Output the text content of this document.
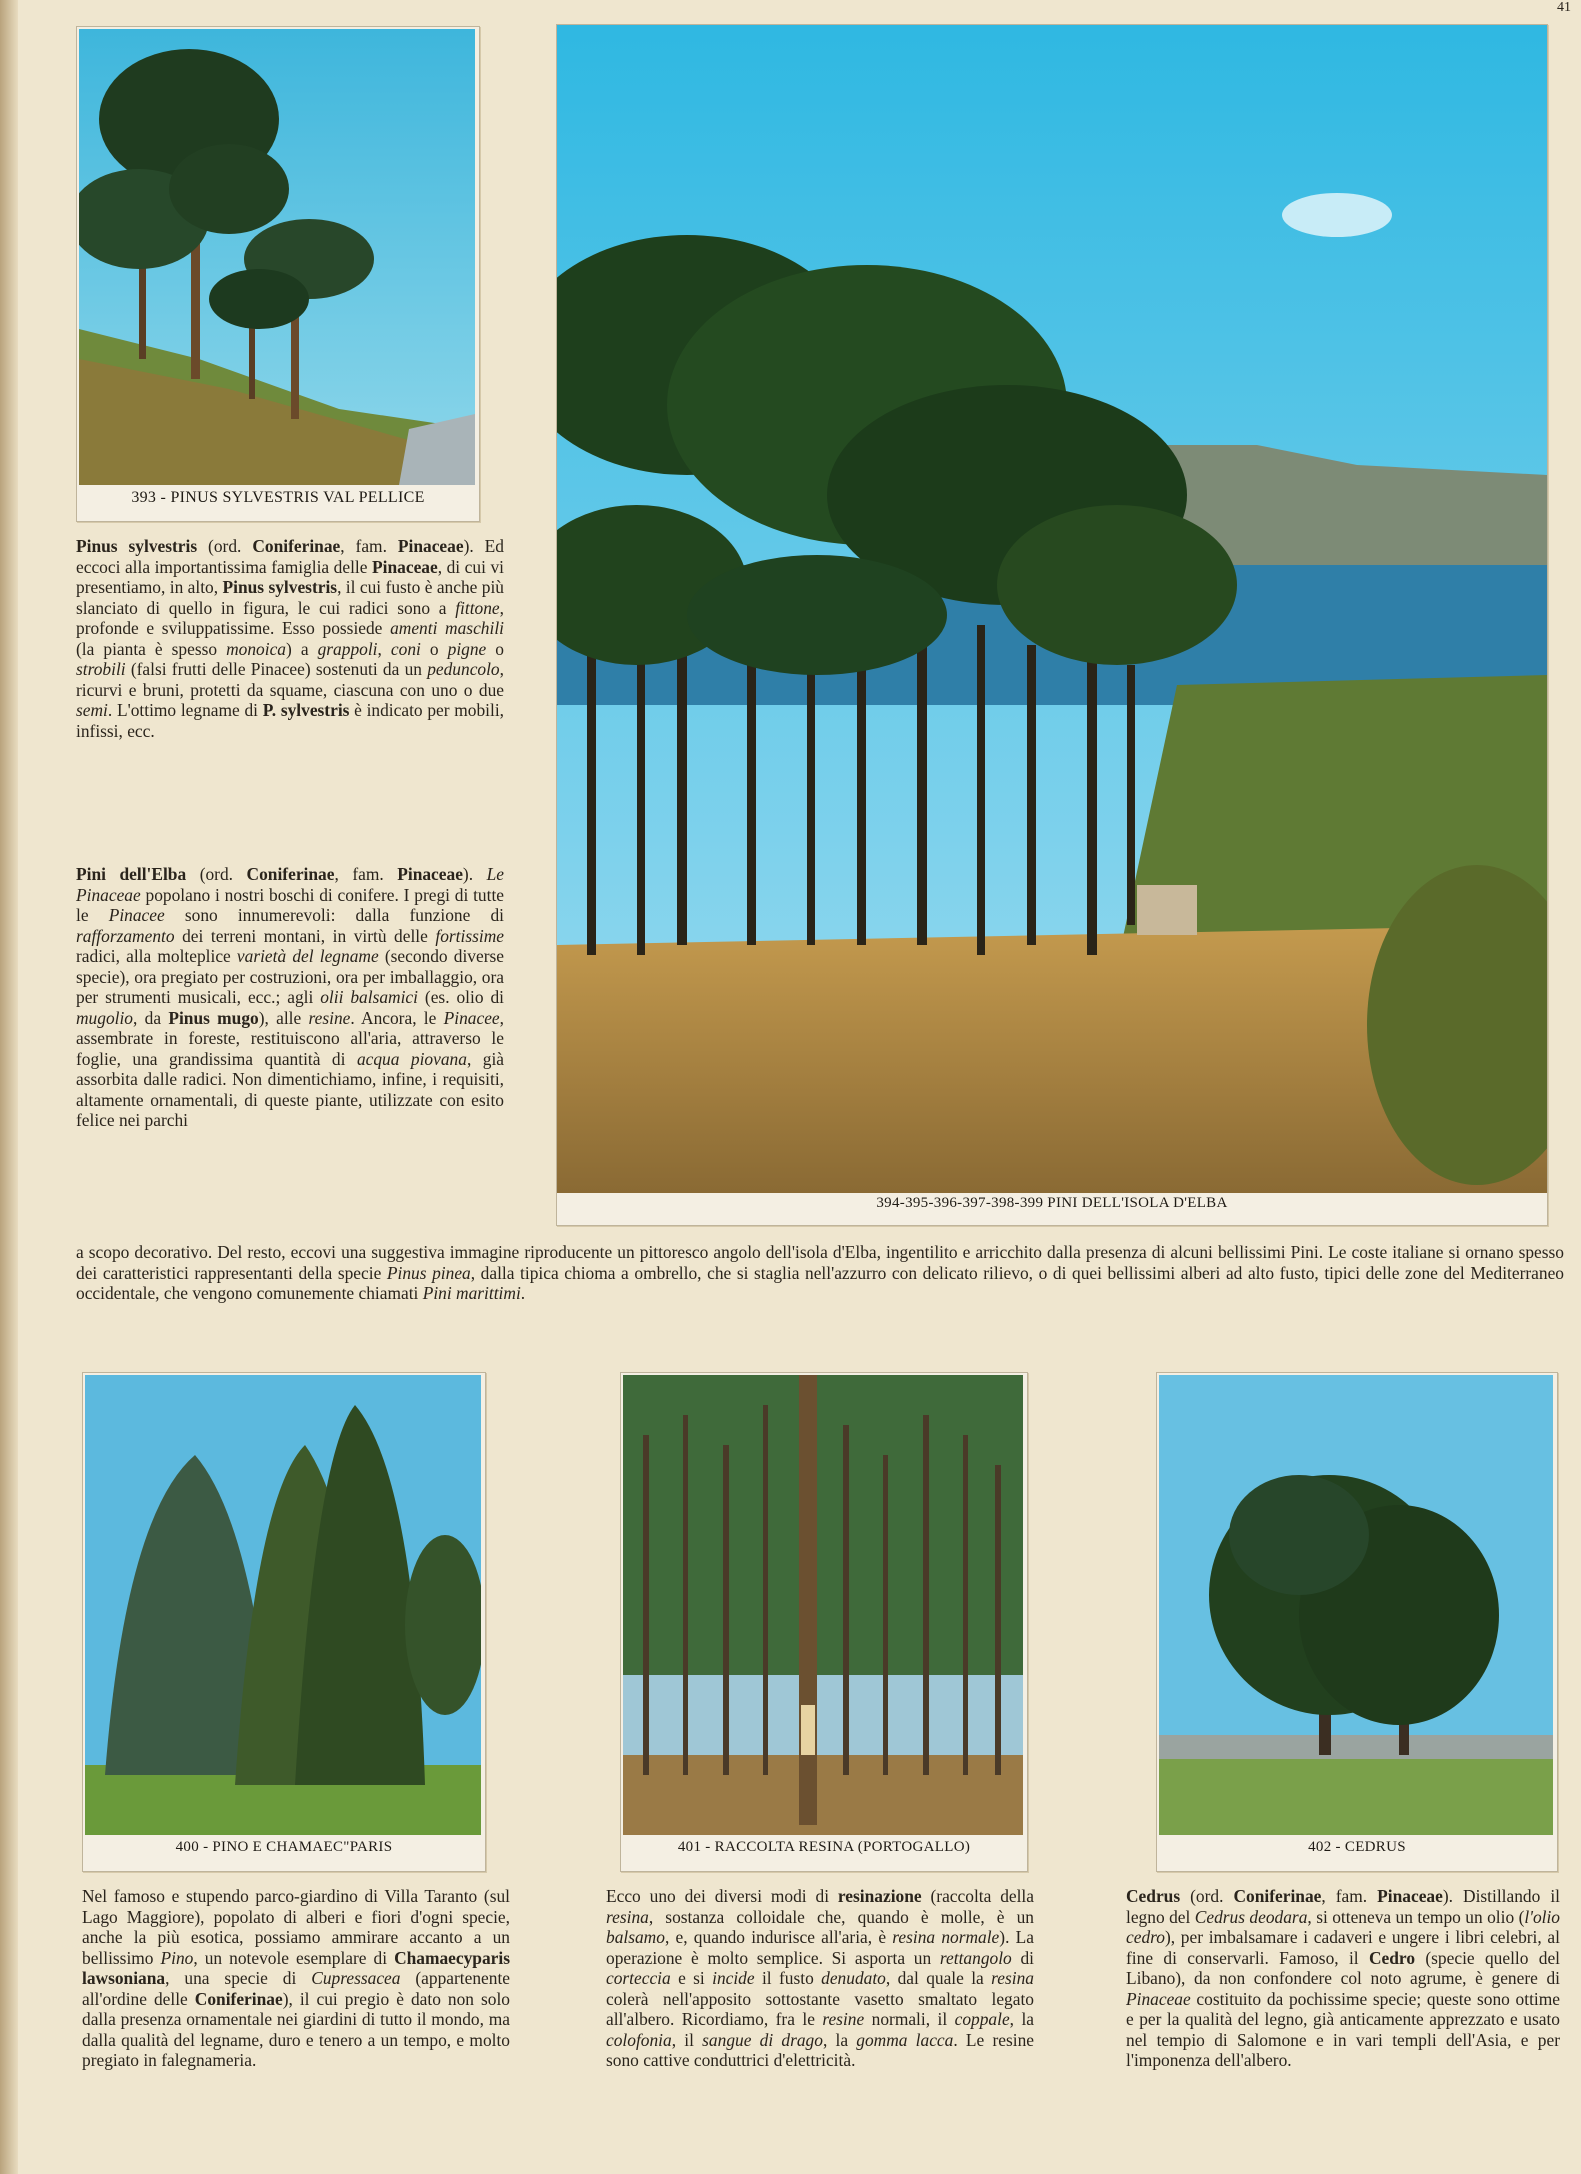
41
393 - PINUS SYLVESTRIS VAL PELLICE
394-395-396-397-398-399 PINI DELL'ISOLA D'ELBA
Pinus sylvestris (ord. Coniferinae, fam. Pinaceae). Ed eccoci alla importantissima famiglia delle Pinaceae, di cui vi presentiamo, in alto, Pinus sylvestris, il cui fusto è anche più slanciato di quello in figura, le cui radici sono a fittone, profonde e sviluppatissime. Esso possiede amenti maschili (la pianta è spesso monoica) a grappoli, coni o pigne o strobili (falsi frutti delle Pinacee) sostenuti da un peduncolo, ricurvi e bruni, protetti da squame, ciascuna con uno o due semi. L'ottimo legname di P. sylvestris è indicato per mobili, infissi, ecc.
Pini dell'Elba (ord. Coniferinae, fam. Pinaceae). Le Pinaceae popolano i nostri boschi di conifere. I pregi di tutte le Pinacee sono innumerevoli: dalla funzione di rafforzamento dei terreni montani, in virtù delle fortissime radici, alla molteplice varietà del legname (secondo diverse specie), ora pregiato per costruzioni, ora per imballaggio, ora per strumenti musicali, ecc.; agli olii balsamici (es. olio di mugolio, da Pinus mugo), alle resine. Ancora, le Pinacee, assembrate in foreste, restituiscono all'aria, attraverso le foglie, una grandissima quantità di acqua piovana, già assorbita dalle radici. Non dimentichiamo, infine, i requisiti, altamente ornamentali, di queste piante, utilizzate con esito felice nei parchi
a scopo decorativo. Del resto, eccovi una suggestiva immagine riproducente un pittoresco angolo dell'isola d'Elba, ingentilito e arricchito dalla presenza di alcuni bellissimi Pini. Le coste italiane si ornano spesso dei caratteristici rappresentanti della specie Pinus pinea, dalla tipica chioma a ombrello, che si staglia nell'azzurro con delicato rilievo, o di quei bellissimi alberi ad alto fusto, tipici delle zone del Mediterraneo occidentale, che vengono comunemente chiamati Pini marittimi.
400 - PINO E CHAMAEC"PARIS	401 - RACCOLTA RESINA (PORTOGALLO)	402 - CEDRUS
Nel famoso e stupendo parco-giardino di Villa Taranto (sul Lago Maggiore), popolato di alberi e fiori d'ogni specie, anche la più esotica, possiamo ammirare accanto a un bellissimo Pino, un notevole esemplare di Chamaecyparis lawsoniana, una specie di Cupressacea (appartenente all'ordine delle Coniferinae), il cui pregio è dato non solo dalla presenza ornamentale nei giardini di tutto il mondo, ma dalla qualità del legname, duro e tenero a un tempo, e molto pregiato in falegnameria.
Ecco uno dei diversi modi di resinazione (raccolta della resina, sostanza colloidale che, quando è molle, è un balsamo, e, quando indurisce all'aria, è resina normale). La operazione è molto semplice. Si asporta un rettangolo di corteccia e si incide il fusto denudato, dal quale la resina colerà nell'apposito sottostante vasetto smaltato legato all'albero. Ricordiamo, fra le resine normali, il coppale, la colofonia, il sangue di drago, la gomma lacca. Le resine sono cattive conduttrici d'elettricità.
Cedrus (ord. Coniferinae, fam. Pinaceae). Distillando il legno del Cedrus deodara, si otteneva un tempo un olio (l'olio cedro), per imbalsamare i cadaveri e ungere i libri celebri, al fine di conservarli. Famoso, il Cedro (specie quello del Libano), da non confondere col noto agrume, è genere di Pinaceae costituito da pochissime specie; queste sono ottime e per la qualità del legno, già anticamente apprezzato e usato nel tempio di Salomone e in vari templi dell'Asia, e per l'imponenza dell'albero.
